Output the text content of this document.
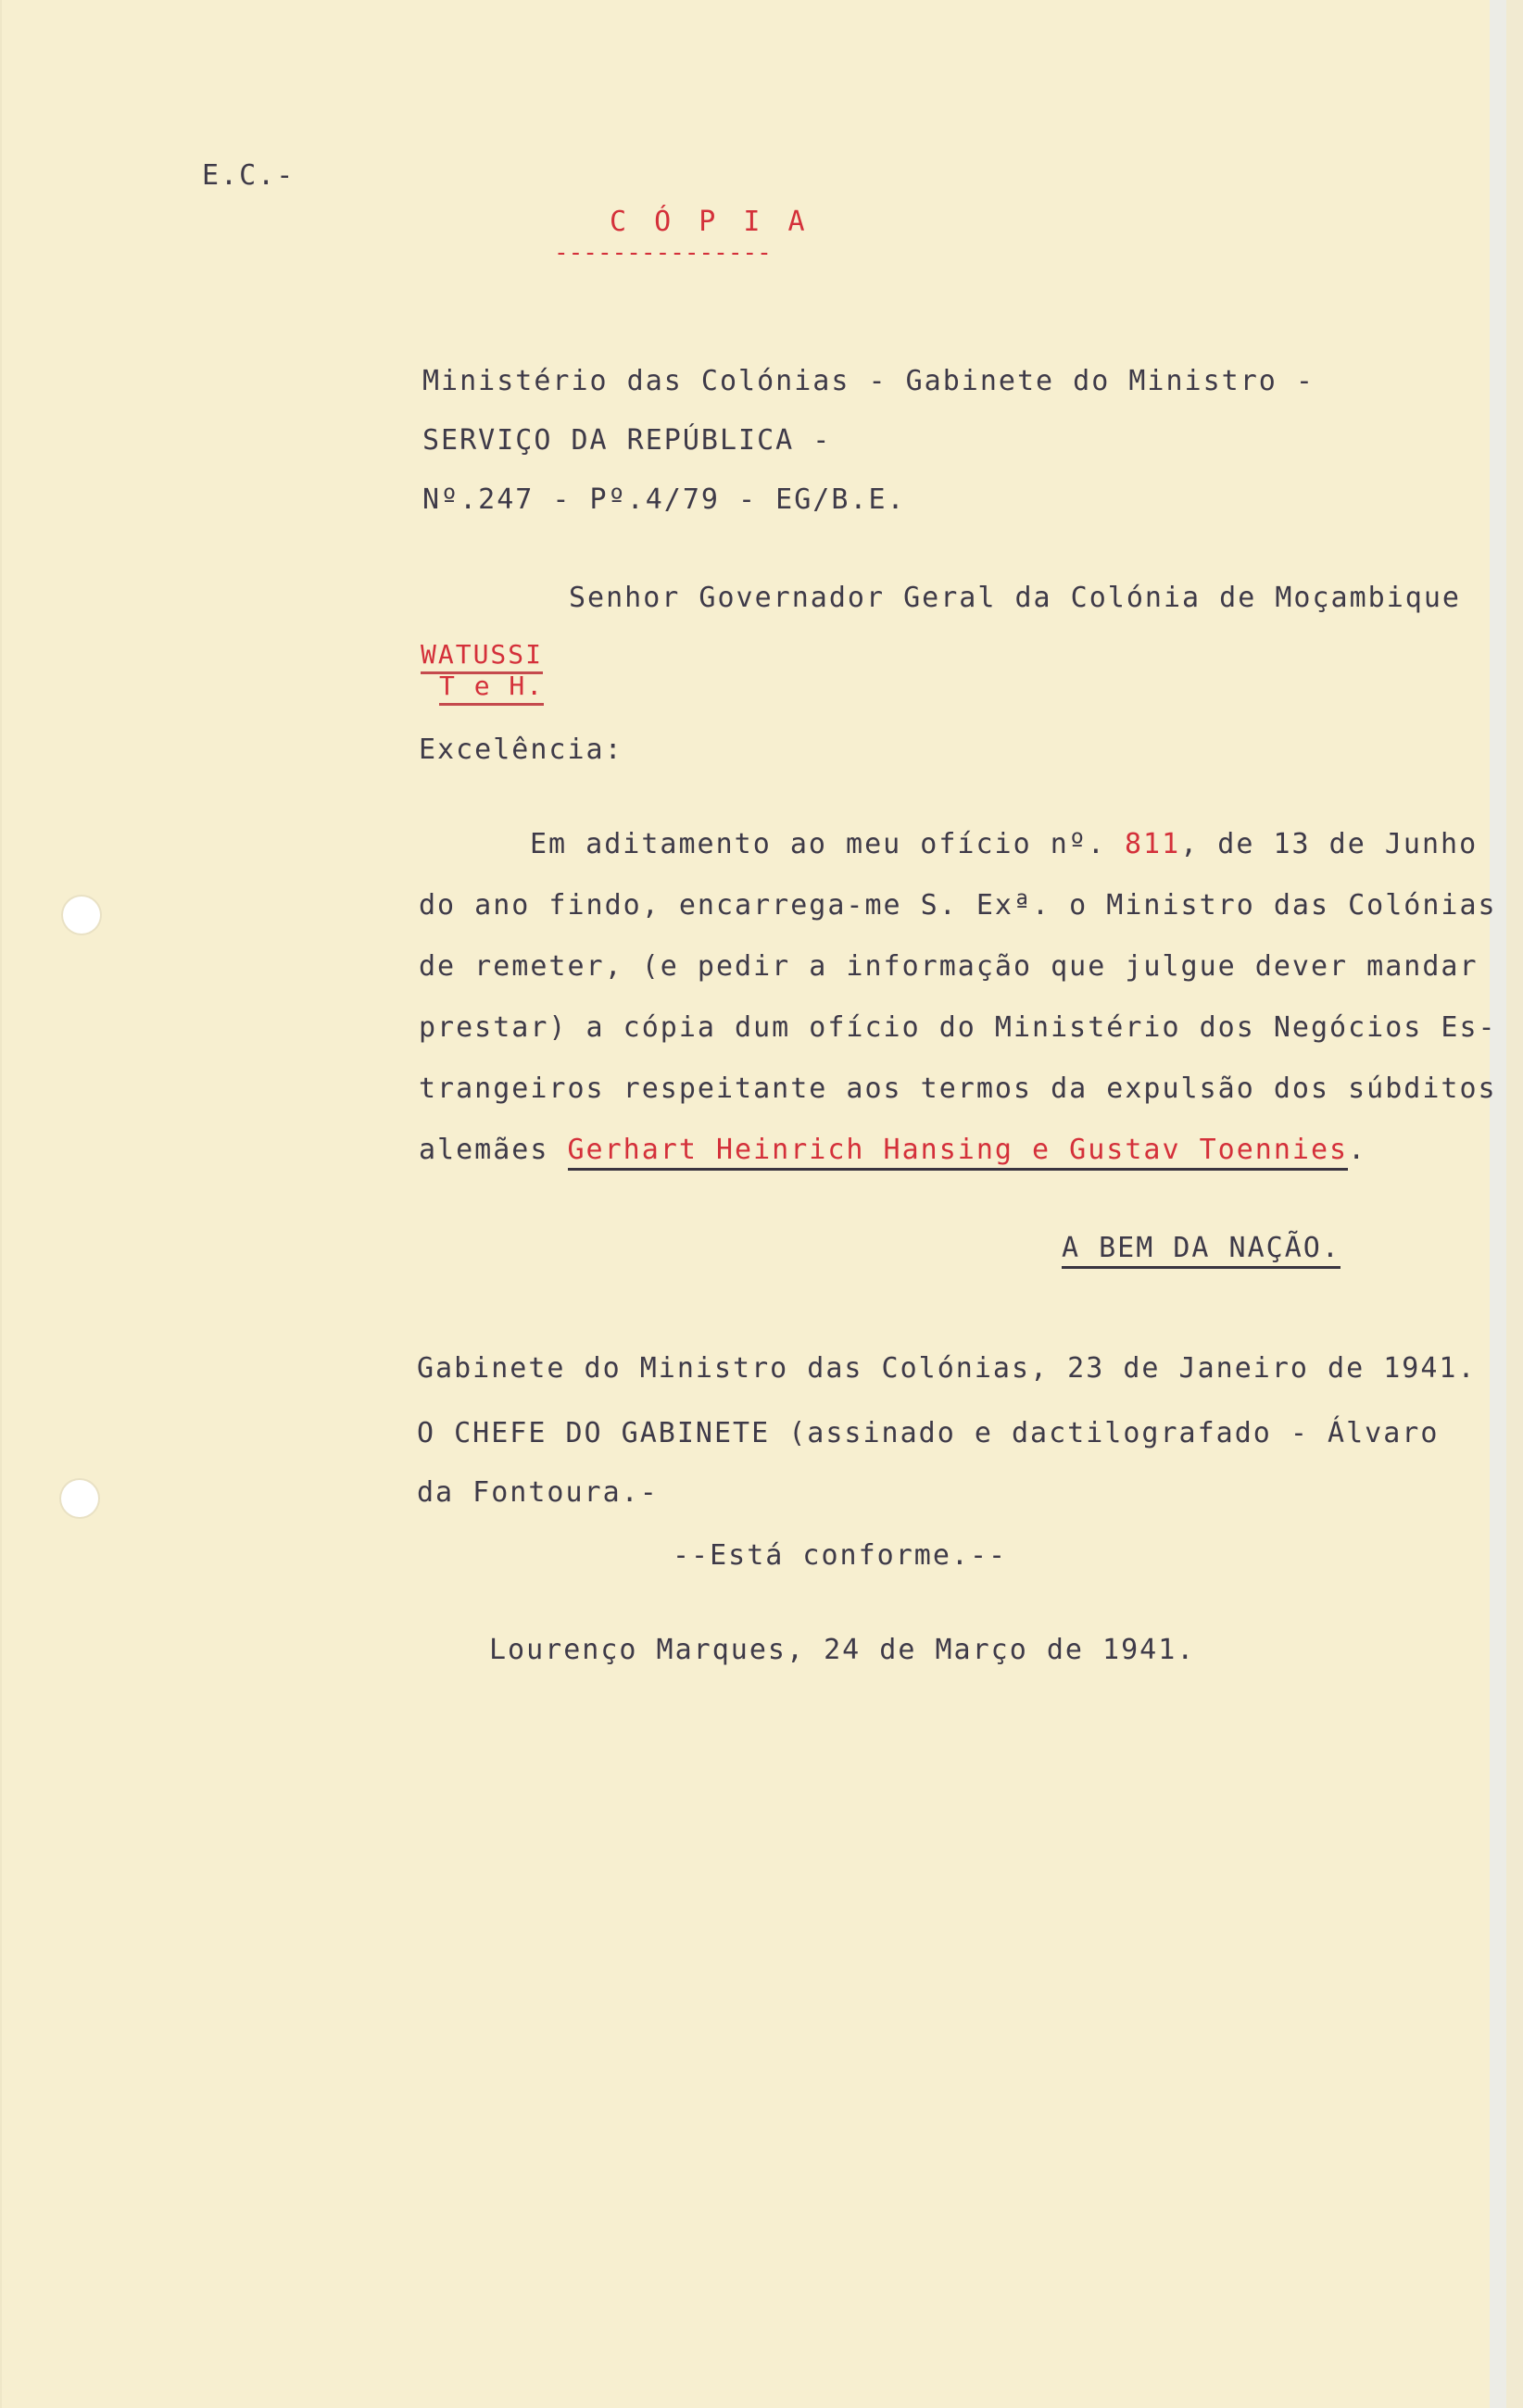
E.C.-
C Ó P I A
---------------
Ministério das Colónias - Gabinete do Ministro -
SERVIÇO DA REPÚBLICA -
Nº.247 - Pº.4/79 - EG/B.E.
Senhor Governador Geral da Colónia de Moçambique
WATUSSI
T e H.
Excelência:
Em aditamento ao meu ofício nº. 811, de 13 de Junho
do ano findo, encarrega-me S. Exª. o Ministro das Colónias
de remeter, (e pedir a informação que julgue dever mandar
prestar) a cópia dum ofício do Ministério dos Negócios Es-
trangeiros respeitante aos termos da expulsão dos súbditos
alemães Gerhart Heinrich Hansing e Gustav Toennies.
A BEM DA NAÇÃO.
Gabinete do Ministro das Colónias, 23 de Janeiro de 1941.
O CHEFE DO GABINETE (assinado e dactilografado - Álvaro
da Fontoura.-
--Está conforme.--
Lourenço Marques, 24 de Março de 1941.
